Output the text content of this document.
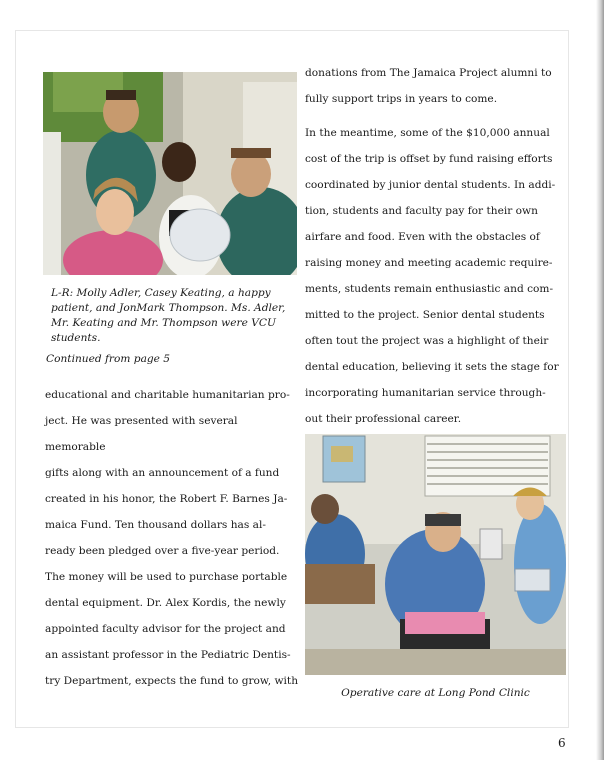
L-R: Molly Adler, Casey Keating, a happy patient, and JonMark Thompson. Ms. Adler, Mr. Keating and Mr. Thompson were VCU students.

Continued from page 5

educational and charitable humanitarian pro-
ject. He was presented with several memorable
gifts along with an announcement of a fund
created in his honor, the Robert F. Barnes Ja-
maica Fund. Ten thousand dollars has al-
ready been pledged over a five-year period.
The money will be used to purchase portable
dental equipment. Dr. Alex Kordis, the newly
appointed faculty advisor for the project and
an assistant professor in the Pediatric Dentis-
try Department, expects the fund to grow, with
donations from The Jamaica Project alumni to
fully support trips in years to come.
In the meantime, some of the $10,000 annual
cost of the trip is offset by fund raising efforts
coordinated by junior dental students. In addi-
tion, students and faculty pay for their own
airfare and food. Even with the obstacles of
raising money and meeting academic require-
ments, students remain enthusiastic and com-
mitted to the project. Senior dental students
often tout the project was a highlight of their
dental education, believing it sets the stage for
incorporating humanitarian service through-
out their professional career.

Operative care at Long Pond Clinic

6
